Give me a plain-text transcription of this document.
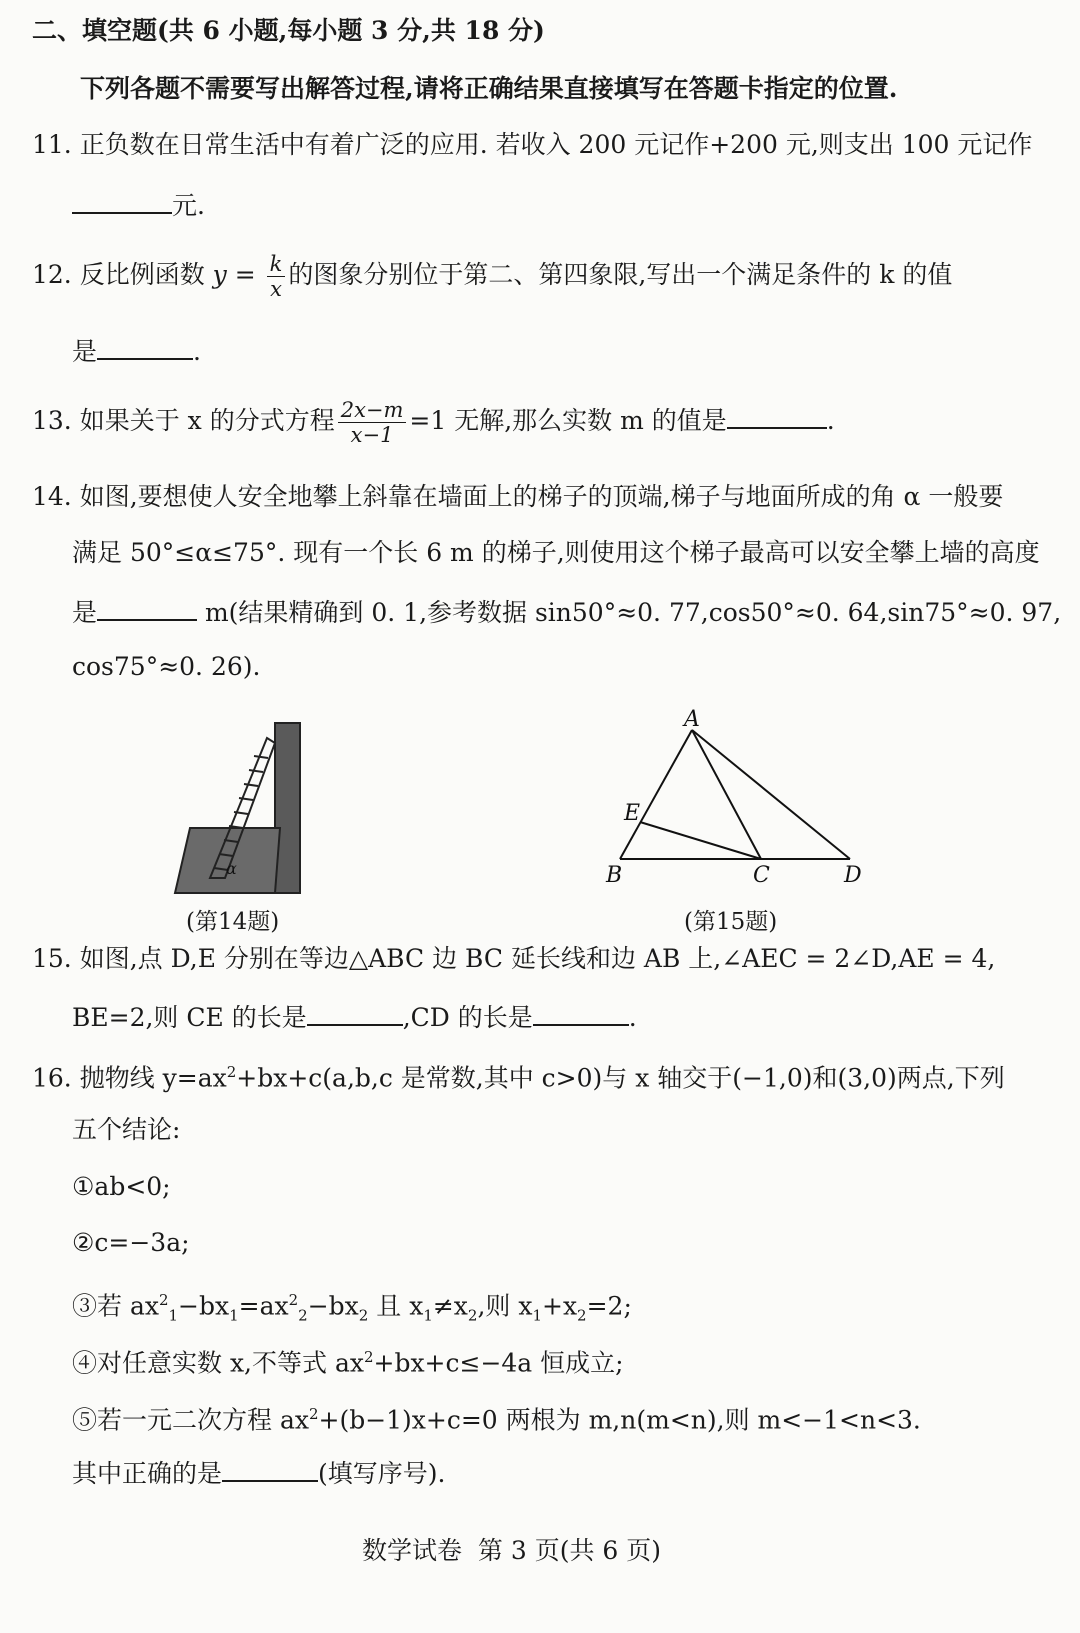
二、填空题(共 6 小题,每小题 3 分,共 18 分)
下列各题不需要写出解答过程,请将正确结果直接填写在答题卡指定的位置.
11. 正负数在日常生活中有着广泛的应用. 若收入 200 元记作+200 元,则支出 100 元记作
元.
12. 反比例函数 $y = \frac{k}{x}$ 的图象分别位于第二、第四象限,写出一个满足条件的 k 的值
是	.
13. 如果关于 x 的分式方程 $\frac{2x-m}{x-1} =1$ 无解,那么实数 m 的值是	.
14. 如图,要想使人安全地攀上斜靠在墙面上的梯子的顶端,梯子与地面所成的角 α 一般要
满足 50°≤α≤75°. 现有一个长 6 m 的梯子,则使用这个梯子最高可以安全攀上墙的高度
是	m(结果精确到 0. 1,参考数据 sin50°≈0. 77,cos50°≈0. 64,sin75°≈0. 97,
cos75°≈0. 26).
α
(第14题)
A
B	C	D
E
(第15题)
15. 如图,点 D,E 分别在等边△ABC 边 BC 延长线和边 AB 上,∠AEC = 2∠D,AE = 4,
BE=2,则 CE 的长是	,CD 的长是	.
16. 抛物线 $y=ax^2+bx+c(a,b,c$ 是常数,其中 c>0)与 x 轴交于(−1,0)和(3,0)两点,下列
五个结论:
①ab<0;
②c=−3a;
③若 $ax^2_1-bx_1=ax^2_2-bx_2$ 且 $x_1\ne x_2$,则 $x_1+x_2=2$;
④对任意实数 x,不等式 $ax^2+bx+c\le-4a$ 恒成立;
⑤若一元二次方程 $ax^2+(b-1)x+c=0$ 两根为 m,n(m<n),则 m<−1<n<3.
其中正确的是	(填写序号).
数学试卷  第 3 页(共 6 页)
